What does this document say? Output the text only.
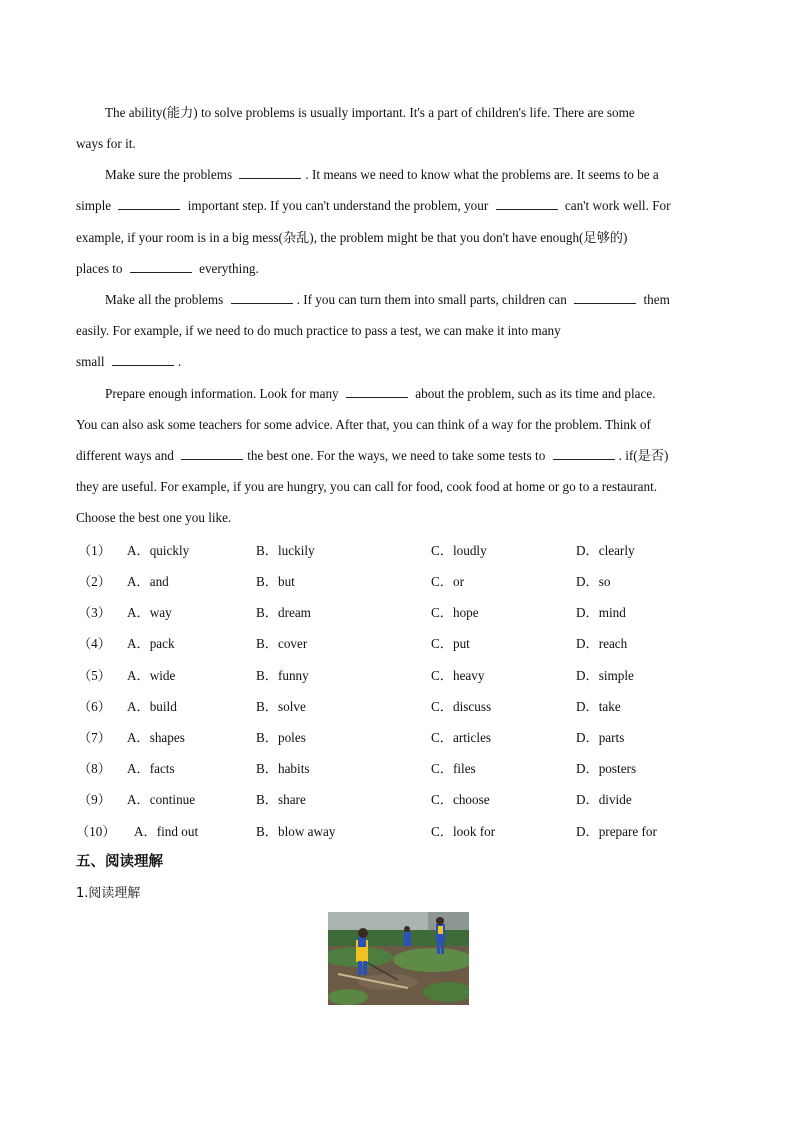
The ability(能力) to solve problems is usually important. It's a part of children's life. There are some
ways for it.
Make sure the problems	. It means we need to know what the problems are. It seems to be a
simple	important step. If you can't understand the problem, your	can't work well. For
example, if your room is in a big mess(杂乱), the problem might be that you don't have enough(足够的)
places to	everything.
Make all the problems	. If you can turn them into small parts, children can	them
easily. For example, if we need to do much practice to pass a test, we can make it into many
small	.
Prepare enough information. Look for many	about the problem, such as its time and place.
You can also ask some teachers for some advice. After that, you can think of a way for the problem. Think of
different ways and	the best one. For the ways, we need to take some tests to	. if(是否)
they are useful. For example, if you are hungry, you can call for food, cook food at home or go to a restaurant.
Choose the best one you like.
（1） A．quickly	B．luckily	C．loudly	D．clearly
（2） A．and	B．but	C．or	D．so
（3） A．way	B．dream	C．hope	D．mind
（4） A．pack	B．cover	C．put	D．reach
（5） A．wide	B．funny	C．heavy	D．simple
（6） A．build	B．solve	C．discuss	D．take
（7） A．shapes	B．poles	C．articles	D．parts
（8） A．facts	B．habits	C．files	D．posters
（9） A．continue	B．share	C．choose	D．divide
（10） A．find out	B．blow away	C．look for	D．prepare for
五、阅读理解
1.阅读理解
